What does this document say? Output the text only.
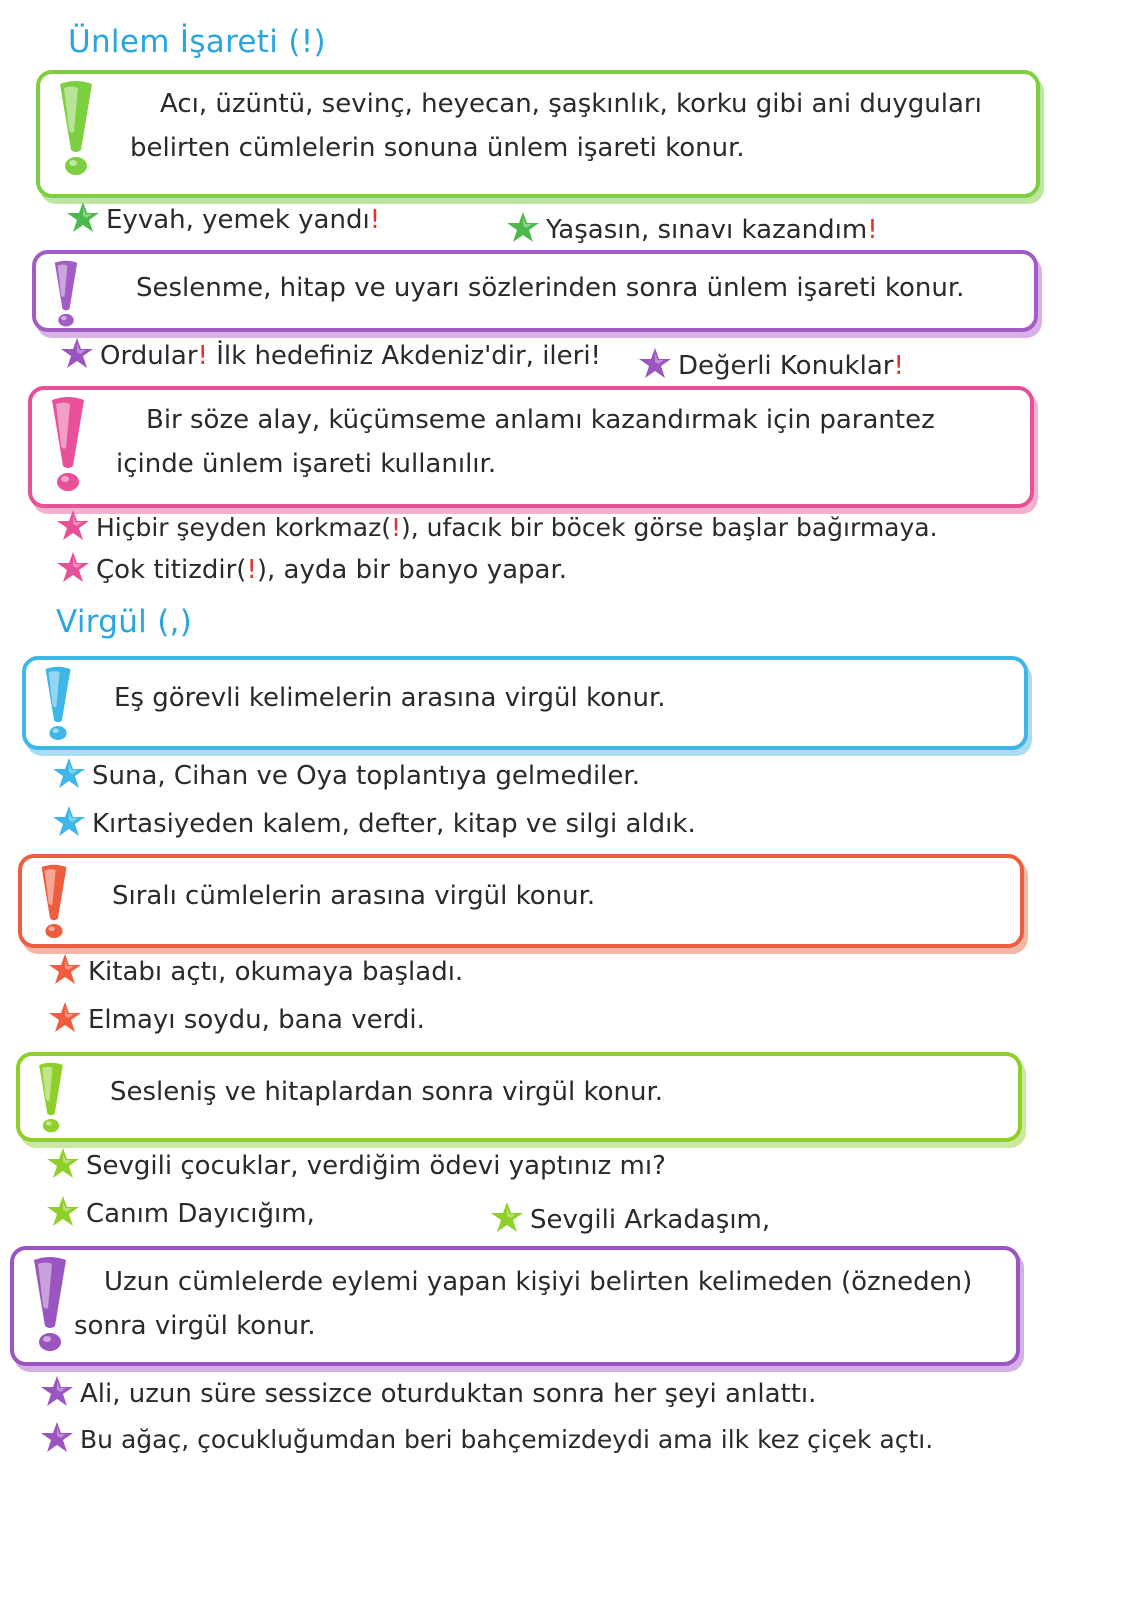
Ünlem İşareti (!)
Acı, üzüntü, sevinç, heyecan, şaşkınlık, korku gibi ani duyguları belirten cümlelerin sonuna ünlem işareti konur.
Eyvah, yemek yandı!	Yaşasın, sınavı kazandım!
Seslenme, hitap ve uyarı sözlerinden sonra ünlem işareti konur.
Ordular! İlk hedefiniz Akdeniz'dir, ileri!	Değerli Konuklar!
Bir söze alay, küçümseme anlamı kazandırmak için parantez içinde ünlem işareti kullanılır.
Hiçbir şeyden korkmaz(!), ufacık bir böcek görse başlar bağırmaya.
Çok titizdir(!), ayda bir banyo yapar.
Virgül (,)
Eş görevli kelimelerin arasına virgül konur.
Suna, Cihan ve Oya toplantıya gelmediler.
Kırtasiyeden kalem, defter, kitap ve silgi aldık.
Sıralı cümlelerin arasına virgül konur.
Kitabı açtı, okumaya başladı.
Elmayı soydu, bana verdi.
Sesleniş ve hitaplardan sonra virgül konur.
Sevgili çocuklar, verdiğim ödevi yaptınız mı?
Canım Dayıcığım,	Sevgili Arkadaşım,
Uzun cümlelerde eylemi yapan kişiyi belirten kelimeden (özneden) sonra virgül konur.
Ali, uzun süre sessizce oturduktan sonra her şeyi anlattı.
Bu ağaç, çocukluğumdan beri bahçemizdeydi ama ilk kez çiçek açtı.
